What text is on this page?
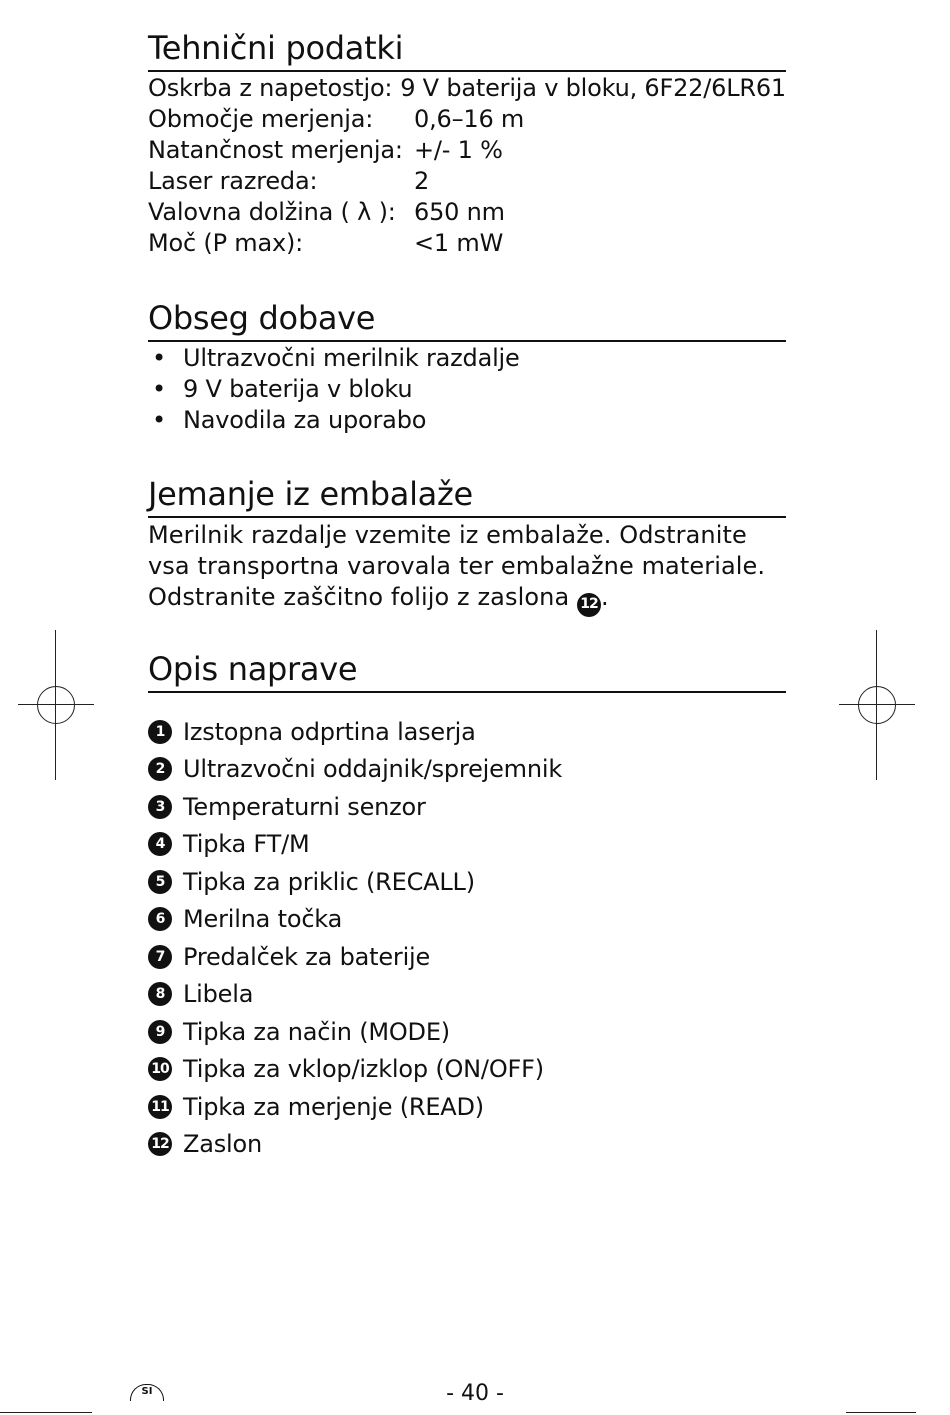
Tehnični podatki
Oskrba z napetostjo: 9 V baterija v bloku, 6F22/6LR61
Območje merjenja:	0,6–16 m
Natančnost merjenja: +/- 1 %
Laser razreda:	2
Valovna dolžina ( λ ): 650 nm
Moč (P max):	<1 mW
Obseg dobave
• Ultrazvočni merilnik razdalje
• 9 V baterija v bloku
• Navodila za uporabo
Jemanje iz embalaže
Merilnik razdalje vzemite iz embalaže. Odstranite
vsa transportna varovala ter embalažne materiale.
Odstranite zaščitno folijo z zaslona 12 .
Opis naprave
1 Izstopna odprtina laserja
2 Ultrazvočni oddajnik/sprejemnik
3 Temperaturni senzor
4 Tipka FT/M
5 Tipka za priklic (RECALL)
6 Merilna točka
7 Predalček za baterije
8 Libela
9 Tipka za način (MODE)
10 Tipka za vklop/izklop (ON/OFF)
11 Tipka za merjenje (READ)
12 Zaslon
SI	- 40 -
